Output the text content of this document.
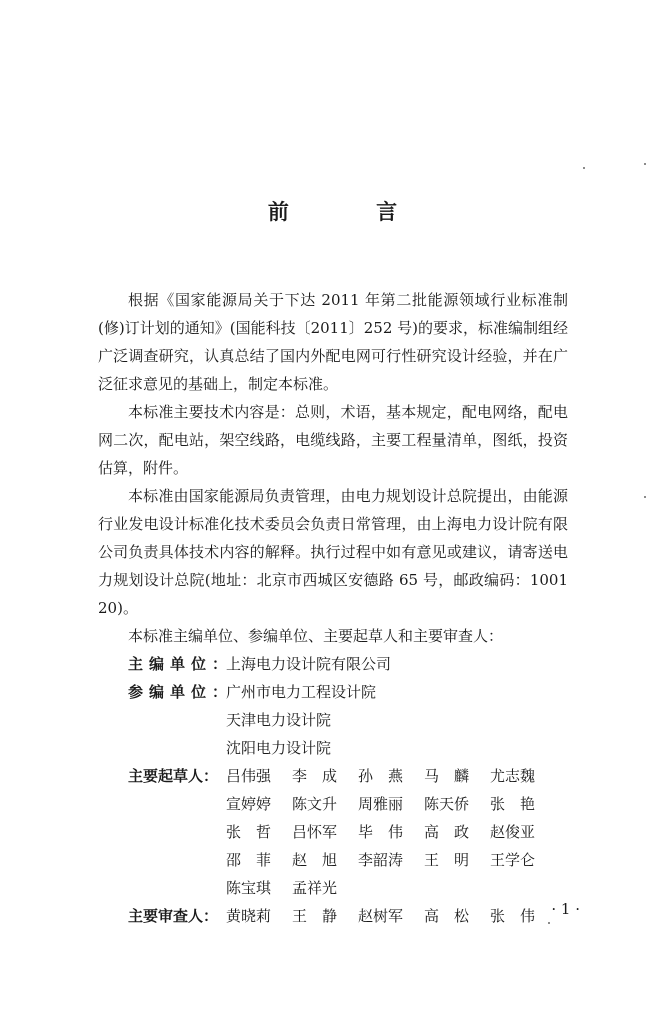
前 言

根据《国家能源局关于下达 2011 年第二批能源领域行业标准制(修)订计划的通知》(国能科技〔2011〕252 号)的要求，标准编制组经广泛调查研究，认真总结了国内外配电网可行性研究设计经验，并在广泛征求意见的基础上，制定本标准。

本标准主要技术内容是：总则，术语，基本规定，配电网络，配电网二次，配电站，架空线路，电缆线路，主要工程量清单，图纸，投资估算，附件。

本标准由国家能源局负责管理，由电力规划设计总院提出，由能源行业发电设计标准化技术委员会负责日常管理，由上海电力设计院有限公司负责具体技术内容的解释。执行过程中如有意见或建议，请寄送电力规划设计总院(地址：北京市西城区安德路 65 号，邮政编码：100120)。

本标准主编单位、参编单位、主要起草人和主要审查人：

主编单位：
上海电力设计院有限公司
参编单位：
广州市电力工程设计院
天津电力设计院
沈阳电力设计院
主要起草人： 吕伟强	李　成	孙　燕	马　麟	尤志魏
宣婷婷	陈文升	周雅丽	陈天侨	张　艳
张　哲	吕怀军	毕　伟	高　政	赵俊亚
邵　菲	赵　旭	李韶涛	王　明	王学仑
陈宝琪	孟祥光
主要审查人： 黄晓莉	王　静	赵树军	高　松	张　伟	· 1 ·
